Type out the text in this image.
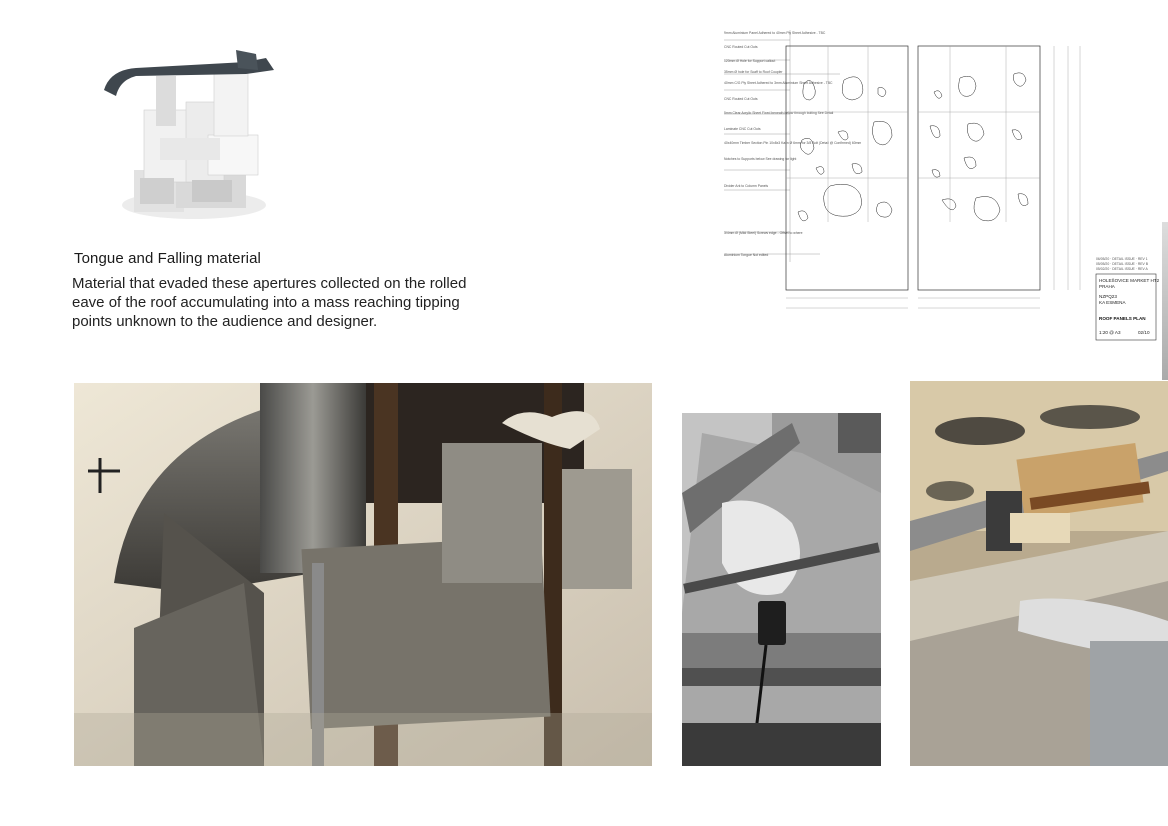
Tongue and Falling material
Material that evaded these apertures collected on the rolled eave of the roof accumulating into a mass reaching tipping points unknown to the audience and designer.
9mm Aluminium Panel Adhered to 40mm Ply Sheet Adhesive - TBC
CNC Routed Cut Outs
120mm Ø Hole for Support callout
35mm Ø hole for Scaff to Roof Coupler
40mm C/G Ply Sheet Adhered to 3mm Aluminium Sheet Adhesive - TBC
CNC Routed Cut Outs
5mm Clear Acrylic Sheet Fixed beneath below through bolting See Detail
Laminate CNC Cut Outs
40x40mm Timber Section Pin 10x8x3 Kalin Ø 6mm for 3/8 Bolt (Detail @ Confirmed) 60mm
Notches to Supports below See drawing for light
Divider Ark to Column Panels
3/4mm Ø (Mild Steel) Screws edge - Offset to where
Aluminium Tongue Not edited
06/05/20 · DETAIL ISSUE · REV 1
05/05/20 · DETAIL ISSUE · REV B
05/02/20 · DETAIL ISSUE · REV A
HOLEŠOVICE MARKET HT2
PRAHA
NZPQ23
KA ESMENA
ROOF PANELS PLAN
1:20 @ A3	02/10
